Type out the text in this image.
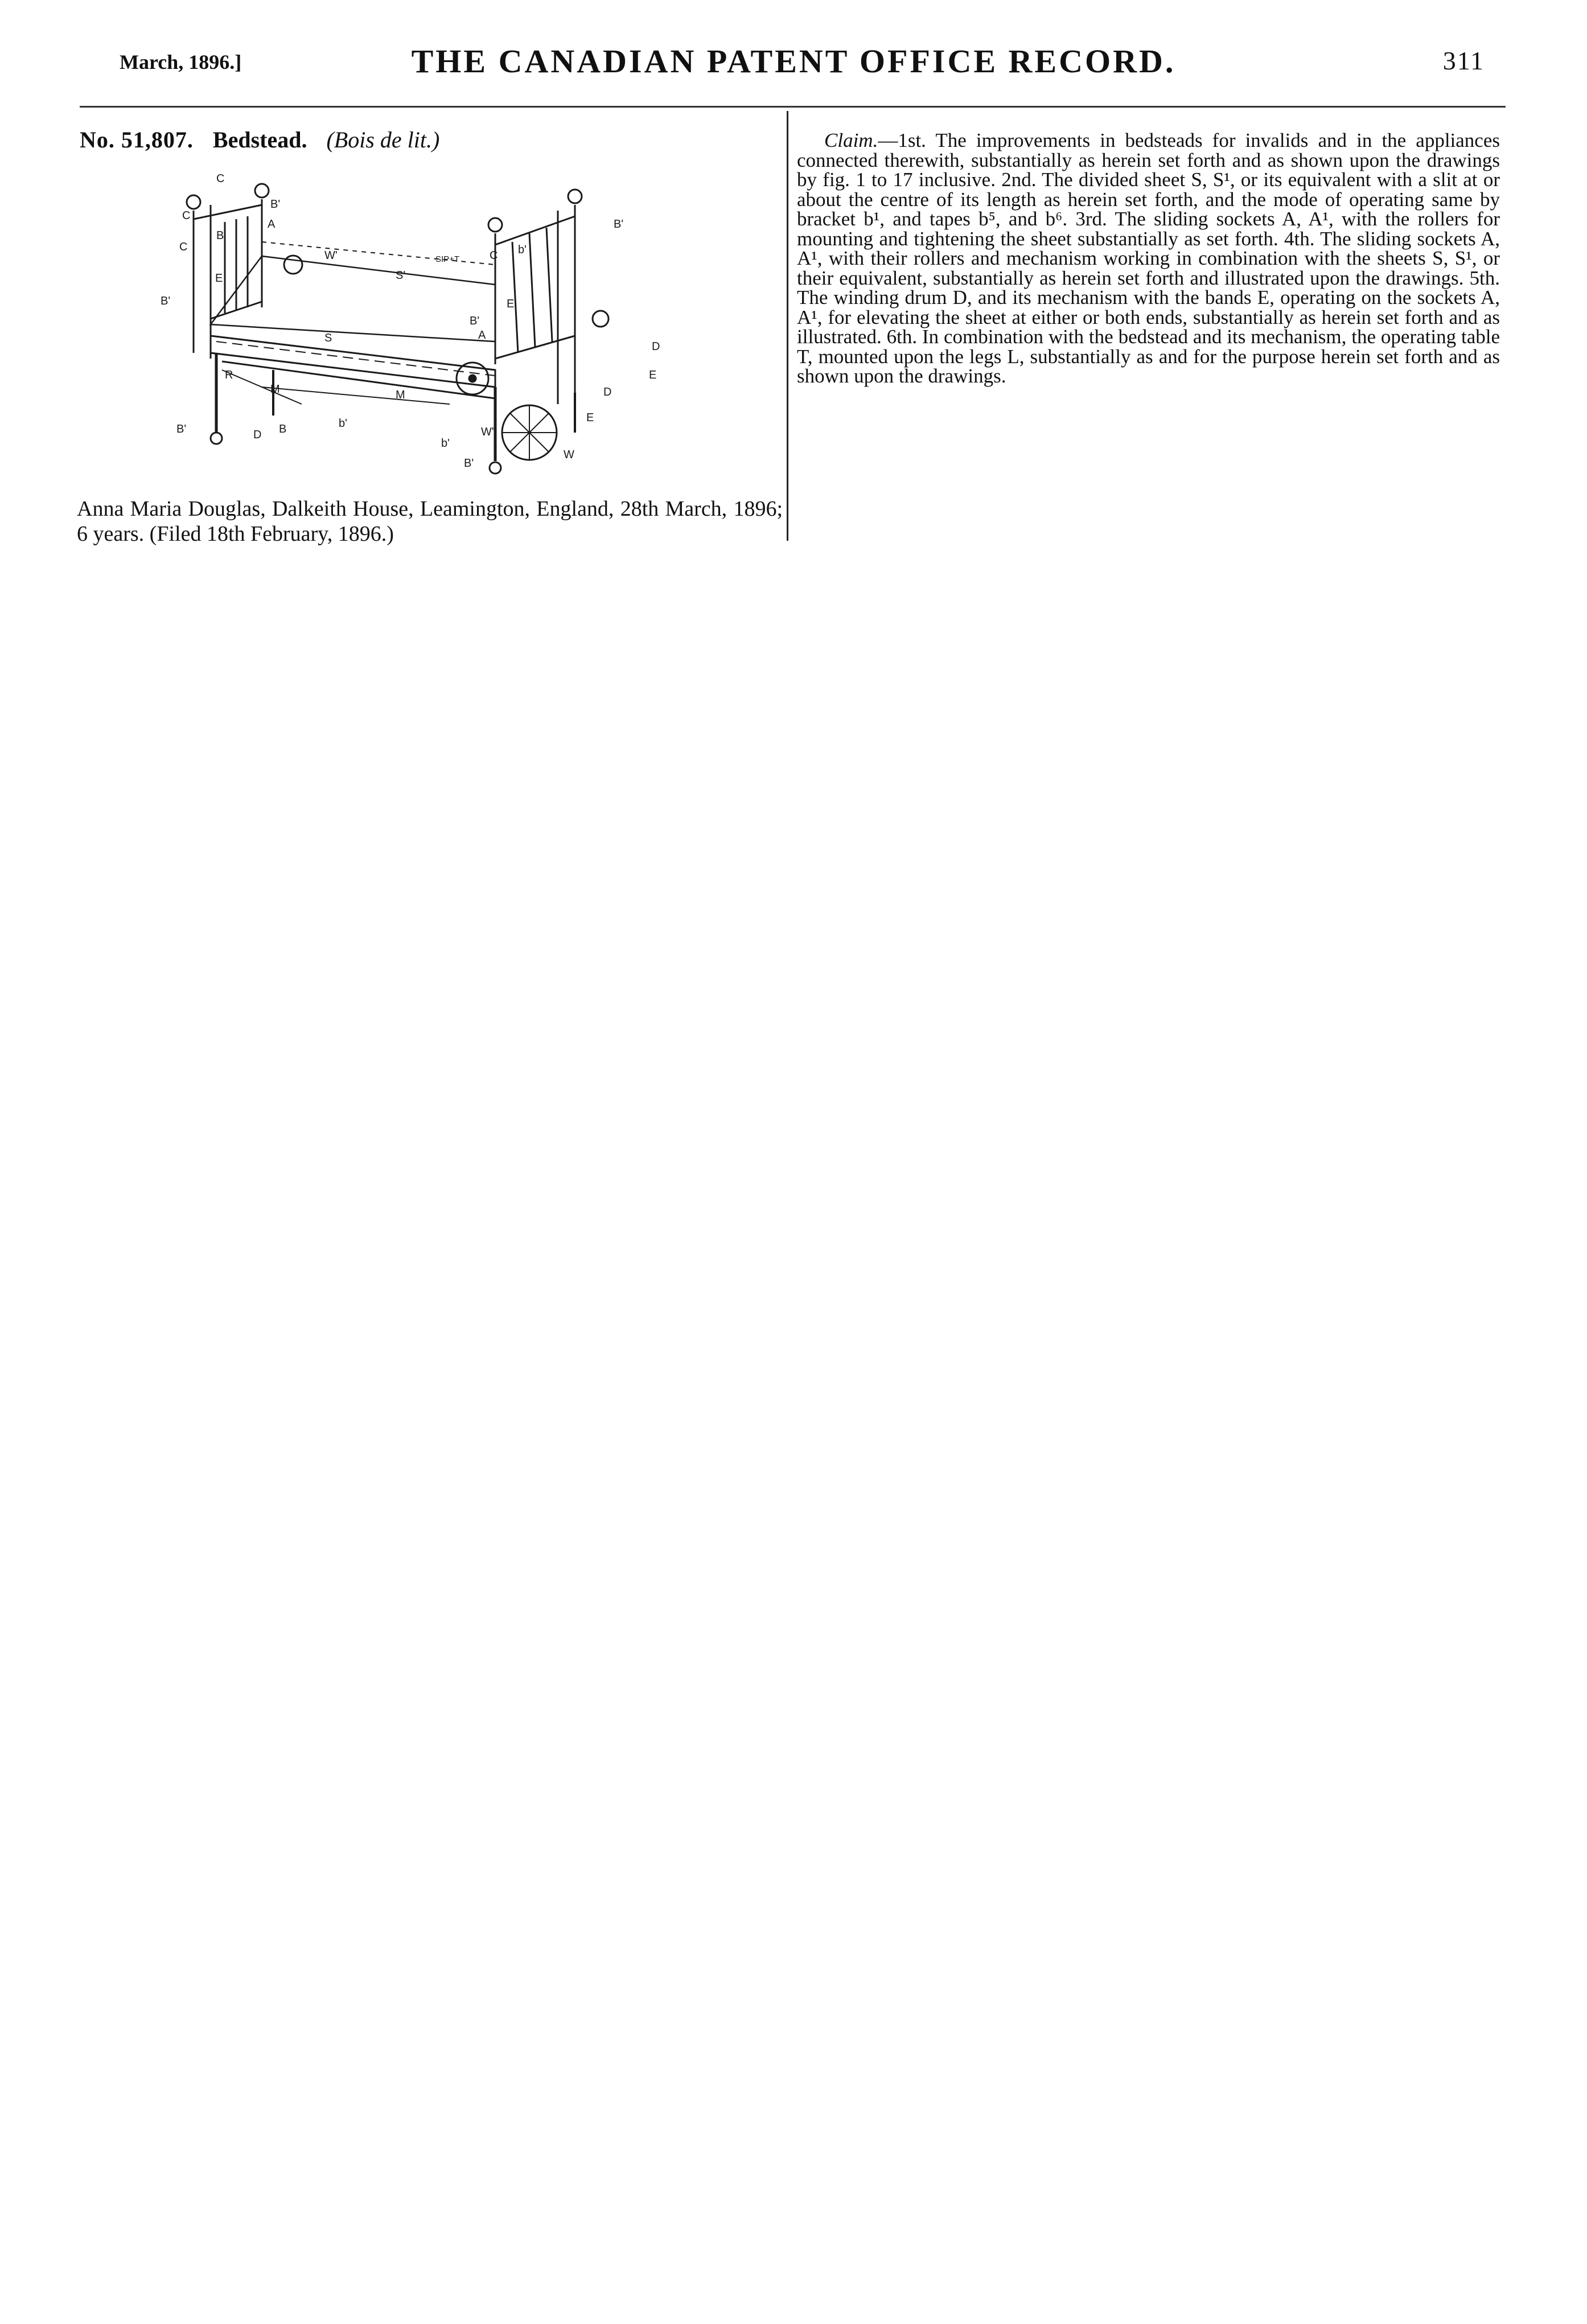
March, 1896.]	THE CANADIAN PATENT OFFICE RECORD.	311
No. 51,807. Bedstead. (Bois de lit.)
C
C
C
B'
A
B
E
W'
B'
S'
S	A
B'
C b'
B'
E
D
E
R
M	M	D
E
W'
B
D
W
B'
B'
b'
b'
SIP+T
Anna Maria Douglas, Dalkeith House, Leamington, England, 28th March, 1896; 6 years. (Filed 18th February, 1896.)
Claim.—1st. The improvements in bedsteads for invalids and in the appliances connected therewith, substantially as herein set forth and as shown upon the drawings by fig. 1 to 17 inclusive. 2nd. The divided sheet S, S¹, or its equivalent with a slit at or about the centre of its length as herein set forth, and the mode of operating same by bracket b¹, and tapes b⁵, and b⁶. 3rd. The sliding sockets A, A¹, with the rollers for mounting and tightening the sheet substantially as set forth. 4th. The sliding sockets A, A¹, with their rollers and mechanism working in combination with the sheets S, S¹, or their equivalent, substantially as herein set forth and illustrated upon the drawings. 5th. The winding drum D, and its mechanism with the bands E, operating on the sockets A, A¹, for elevating the sheet at either or both ends, substantially as herein set forth and as illustrated. 6th. In combination with the bedstead and its mechanism, the operating table T, mounted upon the legs L, substantially as and for the purpose herein set forth and as shown upon the drawings.
